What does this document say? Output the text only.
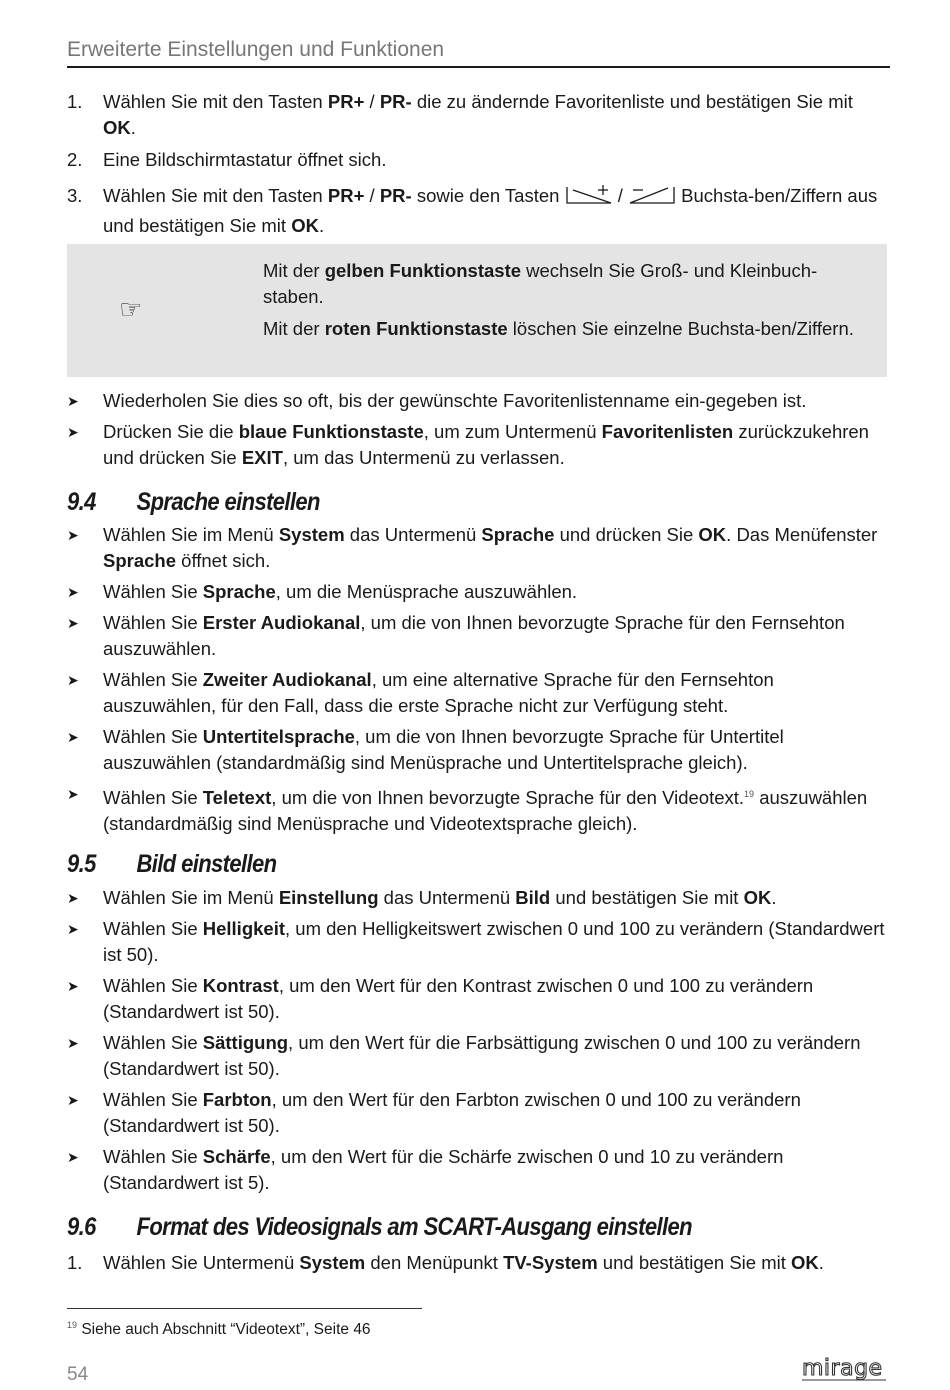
Erweiterte Einstellungen und Funktionen
1.	Wählen Sie mit den Tasten PR+ / PR- die zu ändernde Favoritenliste und bestätigen Sie mit OK.
2.	Eine Bildschirmtastatur öffnet sich.
3.	Wählen Sie mit den Tasten PR+ / PR- sowie den Tasten	/	Buchsta-ben/Ziffern aus und bestätigen Sie mit OK.
☞

Mit der gelben Funktionstaste wechseln Sie Groß- und Kleinbuch-staben.

Mit der roten Funktionstaste löschen Sie einzelne Buchsta-ben/Ziffern.

➤	Wiederholen Sie dies so oft, bis der gewünschte Favoritenlistenname ein-gegeben ist.
➤	Drücken Sie die blaue Funktionstaste, um zum Untermenü Favoritenlisten zurückzukehren und drücken Sie EXIT, um das Untermenü zu verlassen.
9.4 Sprache einstellen
➤	Wählen Sie im Menü System das Untermenü Sprache und drücken Sie OK. Das Menüfenster Sprache öffnet sich.
➤	Wählen Sie Sprache, um die Menüsprache auszuwählen.
➤	Wählen Sie Erster Audiokanal, um die von Ihnen bevorzugte Sprache für den Fernsehton auszuwählen.
➤	Wählen Sie Zweiter Audiokanal, um eine alternative Sprache für den Fernsehton auszuwählen, für den Fall, dass die erste Sprache nicht zur Verfügung steht.
➤	Wählen Sie Untertitelsprache, um die von Ihnen bevorzugte Sprache für Untertitel auszuwählen (standardmäßig sind Menüsprache und Untertitelsprache gleich).
➤	Wählen Sie Teletext, um die von Ihnen bevorzugte Sprache für den Videotext.$^{19}$ auszuwählen (standardmäßig sind Menüsprache und Videotextsprache gleich).
9.5 Bild einstellen
➤	Wählen Sie im Menü Einstellung das Untermenü Bild und bestätigen Sie mit OK.
➤	Wählen Sie Helligkeit, um den Helligkeitswert zwischen 0 und 100 zu verändern (Standardwert ist 50).
➤	Wählen Sie Kontrast, um den Wert für den Kontrast zwischen 0 und 100 zu verändern (Standardwert ist 50).
➤	Wählen Sie Sättigung, um den Wert für die Farbsättigung zwischen 0 und 100 zu verändern (Standardwert ist 50).
➤	Wählen Sie Farbton, um den Wert für den Farbton zwischen 0 und 100 zu verändern (Standardwert ist 50).
➤	Wählen Sie Schärfe, um den Wert für die Schärfe zwischen 0 und 10 zu verändern (Standardwert ist 5).
9.6 Format des Videosignals am SCART-Ausgang einstellen
1.	Wählen Sie Untermenü System den Menüpunkt TV-System und bestätigen Sie mit OK.
$^{19}$ Siehe auch Abschnitt “Videotext”, Seite 46
54	mirage
